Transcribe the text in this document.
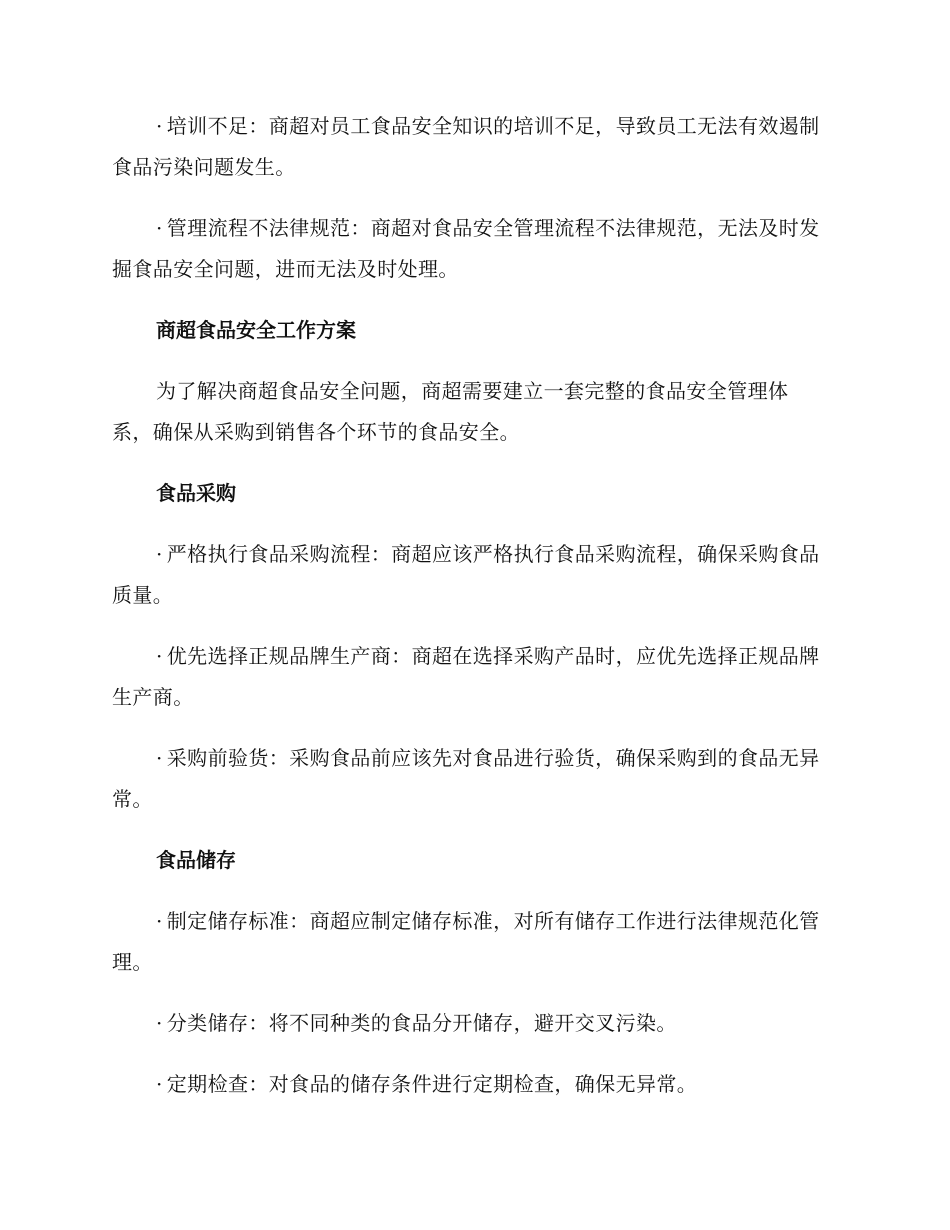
· 培训不足：商超对员工食品安全知识的培训不足，导致员工无法有效遏制食品污染问题发生。

· 管理流程不法律规范：商超对食品安全管理流程不法律规范，无法及时发掘食品安全问题，进而无法及时处理。

商超食品安全工作方案

为了解决商超食品安全问题，商超需要建立一套完整的食品安全管理体系，确保从采购到销售各个环节的食品安全。

食品采购

· 严格执行食品采购流程：商超应该严格执行食品采购流程，确保采购食品质量。

· 优先选择正规品牌生产商：商超在选择采购产品时，应优先选择正规品牌生产商。

· 采购前验货：采购食品前应该先对食品进行验货，确保采购到的食品无异常。

食品储存

· 制定储存标准：商超应制定储存标准，对所有储存工作进行法律规范化管理。

· 分类储存：将不同种类的食品分开储存，避开交叉污染。

· 定期检查：对食品的储存条件进行定期检查，确保无异常。
